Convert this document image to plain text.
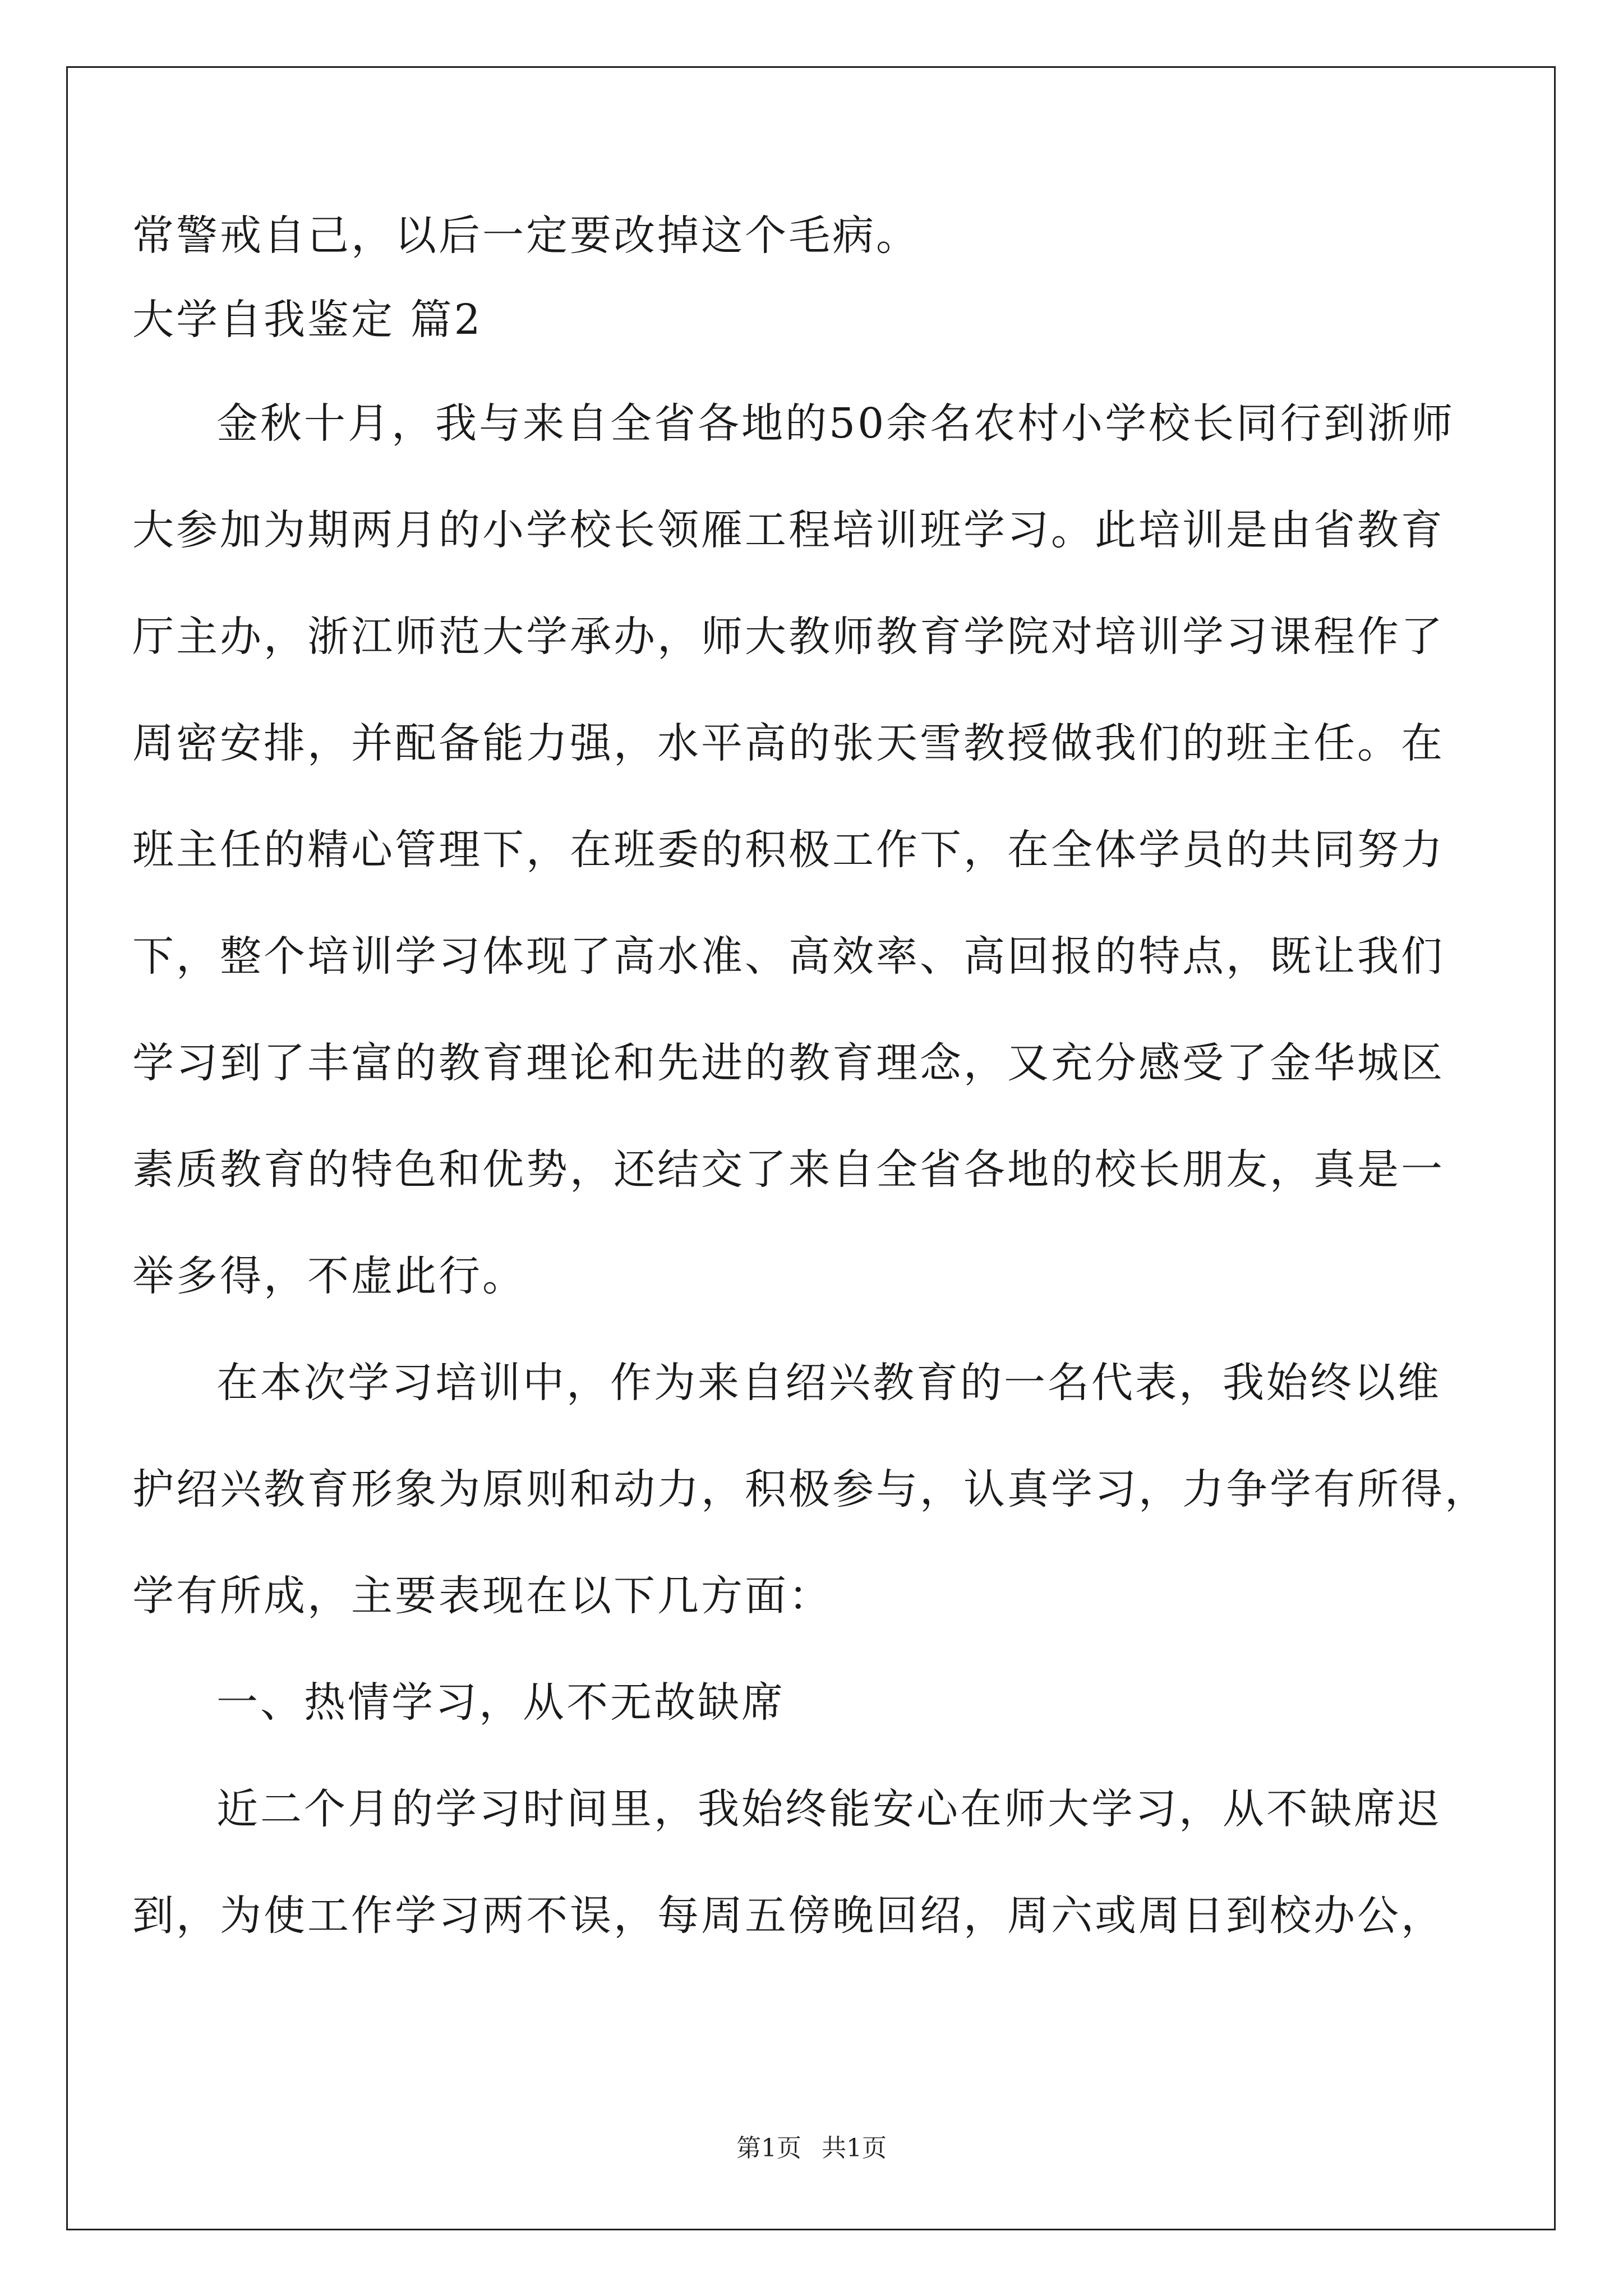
常警戒自己，以后一定要改掉这个毛病。
大学自我鉴定 篇2
金秋十月，我与来自全省各地的50余名农村小学校长同行到浙师
大参加为期两月的小学校长领雁工程培训班学习。此培训是由省教育
厅主办，浙江师范大学承办，师大教师教育学院对培训学习课程作了
周密安排，并配备能力强，水平高的张天雪教授做我们的班主任。在
班主任的精心管理下，在班委的积极工作下，在全体学员的共同努力
下，整个培训学习体现了高水准、高效率、高回报的特点，既让我们
学习到了丰富的教育理论和先进的教育理念，又充分感受了金华城区
素质教育的特色和优势，还结交了来自全省各地的校长朋友，真是一
举多得，不虚此行。
在本次学习培训中，作为来自绍兴教育的一名代表，我始终以维
护绍兴教育形象为原则和动力，积极参与，认真学习，力争学有所得，
学有所成，主要表现在以下几方面：
一、热情学习，从不无故缺席
近二个月的学习时间里，我始终能安心在师大学习，从不缺席迟
到，为使工作学习两不误，每周五傍晚回绍，周六或周日到校办公，
第1页 共1页
